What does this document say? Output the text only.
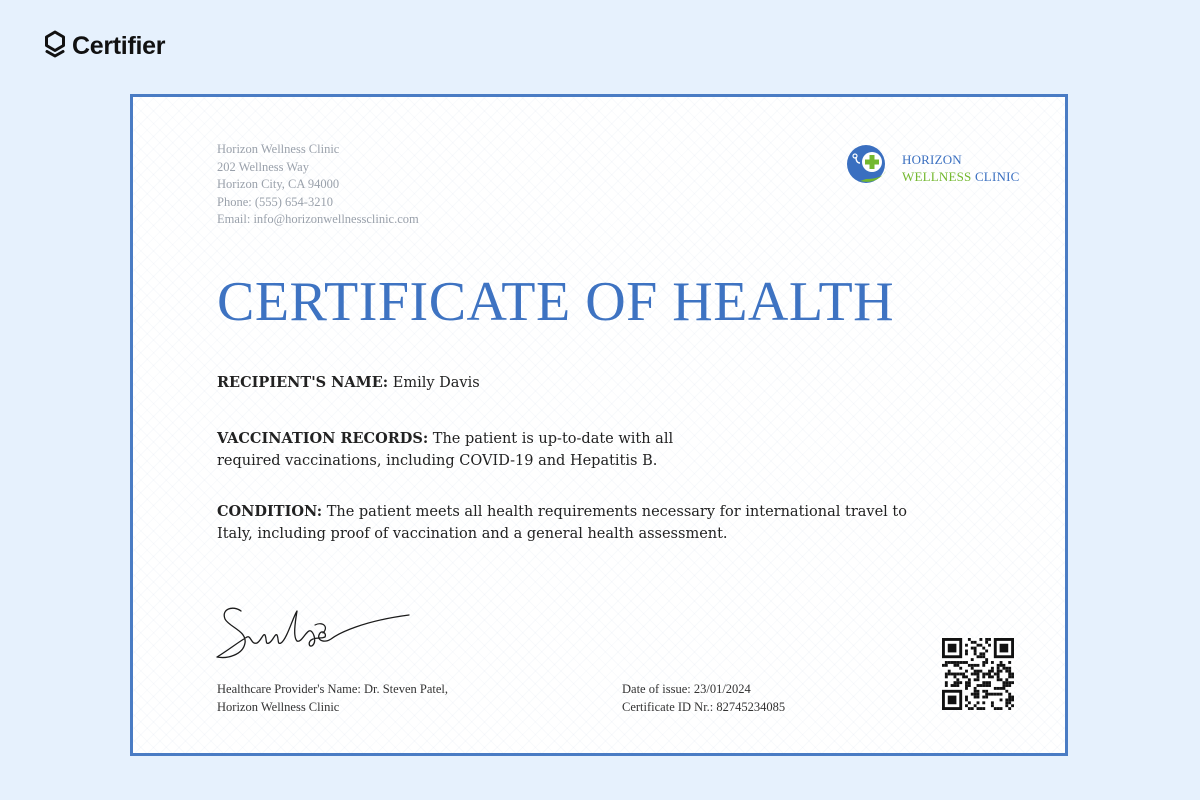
Certifier
Horizon Wellness Clinic
202 Wellness Way
Horizon City, CA 94000
Phone: (555) 654-3210
Email: info@horizonwellnessclinic.com
HORIZON
WELLNESS CLINIC
CERTIFICATE OF HEALTH
RECIPIENT'S NAME: Emily Davis
VACCINATION RECORDS: The patient is up-to-date with all required vaccinations, including COVID-19 and Hepatitis B.
CONDITION: The patient meets all health requirements necessary for international travel to Italy, including proof of vaccination and a general health assessment.
Healthcare Provider's Name: Dr. Steven Patel,
Horizon Wellness Clinic
Date of issue: 23/01/2024
Certificate ID Nr.: 82745234085
